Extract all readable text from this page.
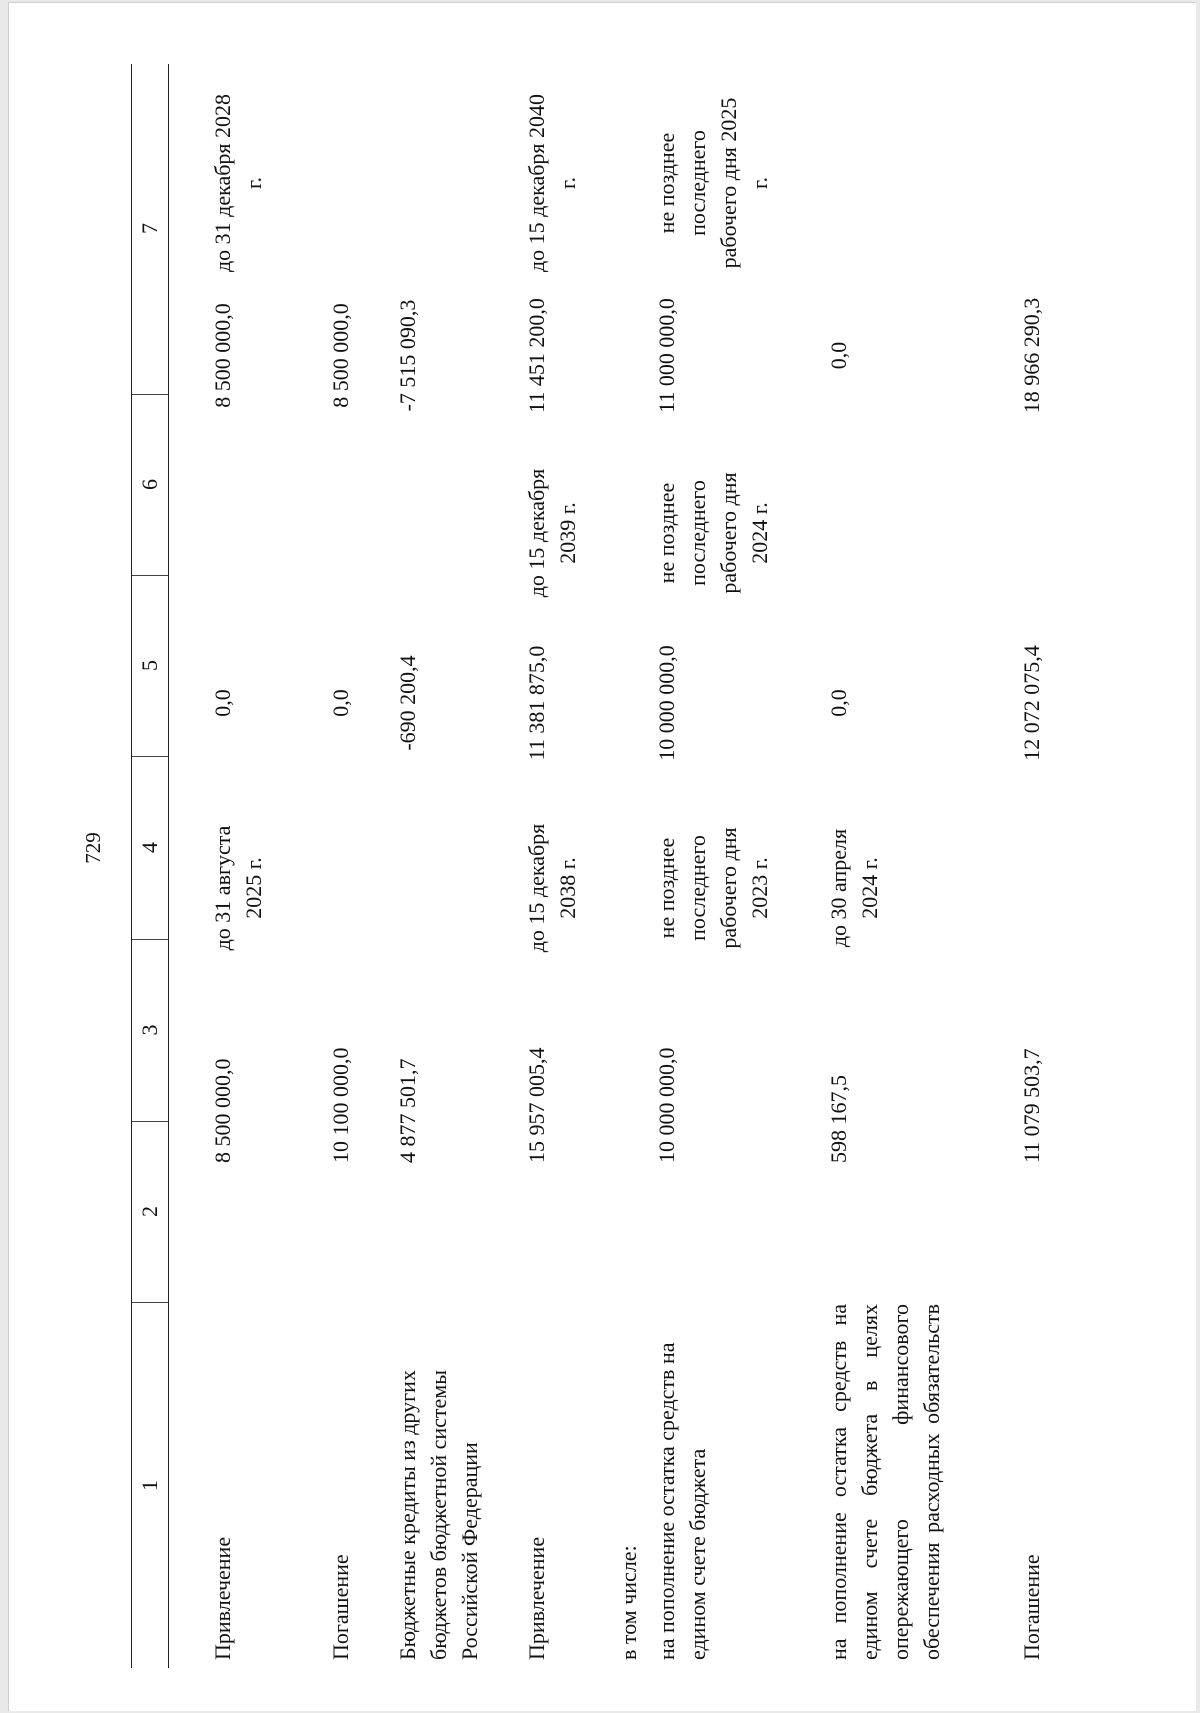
729
1
2
3
4
5
6
7
Привлечение
8 500 000,0
до 31 августа 2025 г.
0,0
8 500 000,0
до 31 декабря 2028 г.
Погашение
10 100 000,0
0,0
8 500 000,0
Бюджетные кредиты из других бюджетов бюджетной системы Российской Федерации
4 877 501,7
-690 200,4
-7 515 090,3
Привлечение
15 957 005,4
до 15 декабря 2038 г.
11 381 875,0
до 15 декабря 2039 г.
11 451 200,0
до 15 декабря 2040 г.
в том числе: на пополнение остатка средств на едином счете бюджета
10 000 000,0
не позднее последнего рабочего дня 2023 г.
10 000 000,0
не позднее последнего рабочего дня 2024 г.
11 000 000,0
не позднее последнего рабочего дня 2025 г.
на пополнение остатка средств на едином счете бюджета в целях опережающего финансового обеспечения расходных обязательств
598 167,5
до 30 апреля 2024 г.
0,0
0,0
Погашение
11 079 503,7
12 072 075,4
18 966 290,3
